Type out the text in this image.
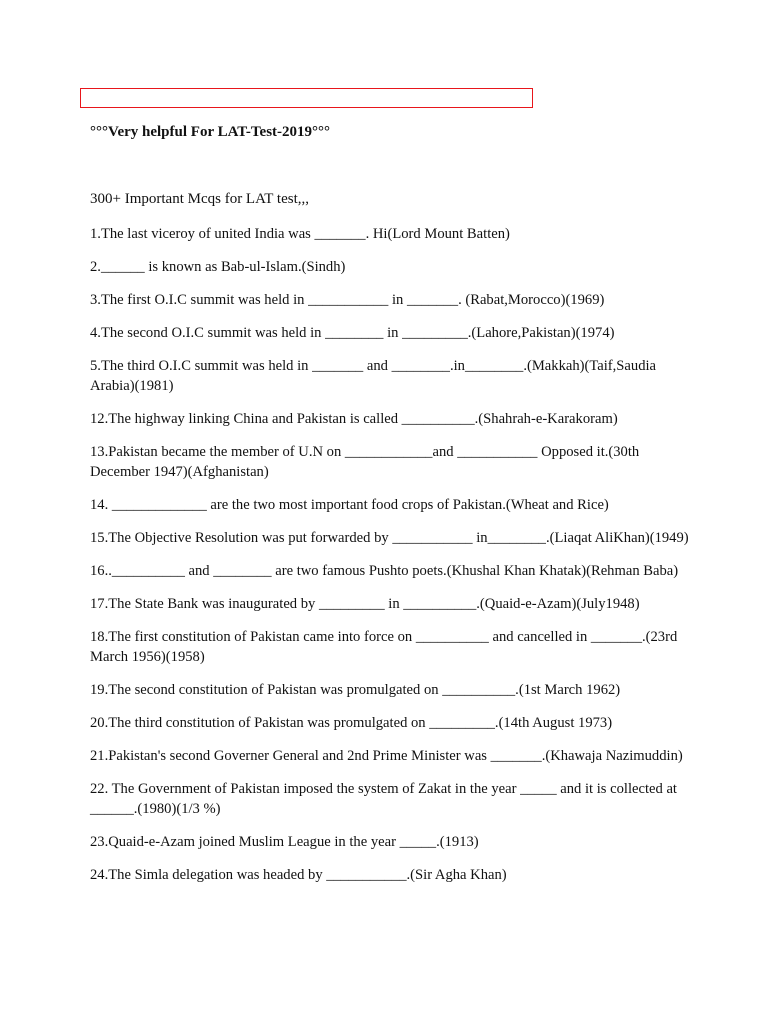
°°°Very helpful For LAT-Test-2019°°°
300+ Important Mcqs for LAT test,,,
1.The last viceroy of united India was _______. Hi(Lord Mount Batten)
2.______ is known as Bab-ul-Islam.(Sindh)
3.The first O.I.C summit was held in ___________ in _______. (Rabat,Morocco)(1969)
4.The second O.I.C summit was held in ________ in _________.(Lahore,Pakistan)(1974)
5.The third O.I.C summit was held in _______ and ________.in________.(Makkah)(Taif,Saudia Arabia)(1981)
12.The highway linking China and Pakistan is called __________.(Shahrah-e-Karakoram)
13.Pakistan became the member of U.N on ____________and ___________ Opposed it.(30th December 1947)(Afghanistan)
14. _____________ are the two most important food crops of Pakistan.(Wheat and Rice)
15.The Objective Resolution was put forwarded by ___________ in________.(Liaqat AliKhan)(1949)
16..__________ and ________ are two famous Pushto poets.(Khushal Khan Khatak)(Rehman Baba)
17.The State Bank was inaugurated by _________ in __________.(Quaid-e-Azam)(July1948)
18.The first constitution of Pakistan came into force on __________ and cancelled in _______.(23rd March 1956)(1958)
19.The second constitution of Pakistan was promulgated on __________.(1st March 1962)
20.The third constitution of Pakistan was promulgated on _________.(14th August 1973)
21.Pakistan's second Governer General and 2nd Prime Minister was _______.(Khawaja Nazimuddin)
22. The Government of Pakistan imposed the system of Zakat in the year _____ and it is collected at ______.(1980)(1/3 %)
23.Quaid-e-Azam joined Muslim League in the year _____.(1913)
24.The Simla delegation was headed by ___________.(Sir Agha Khan)
